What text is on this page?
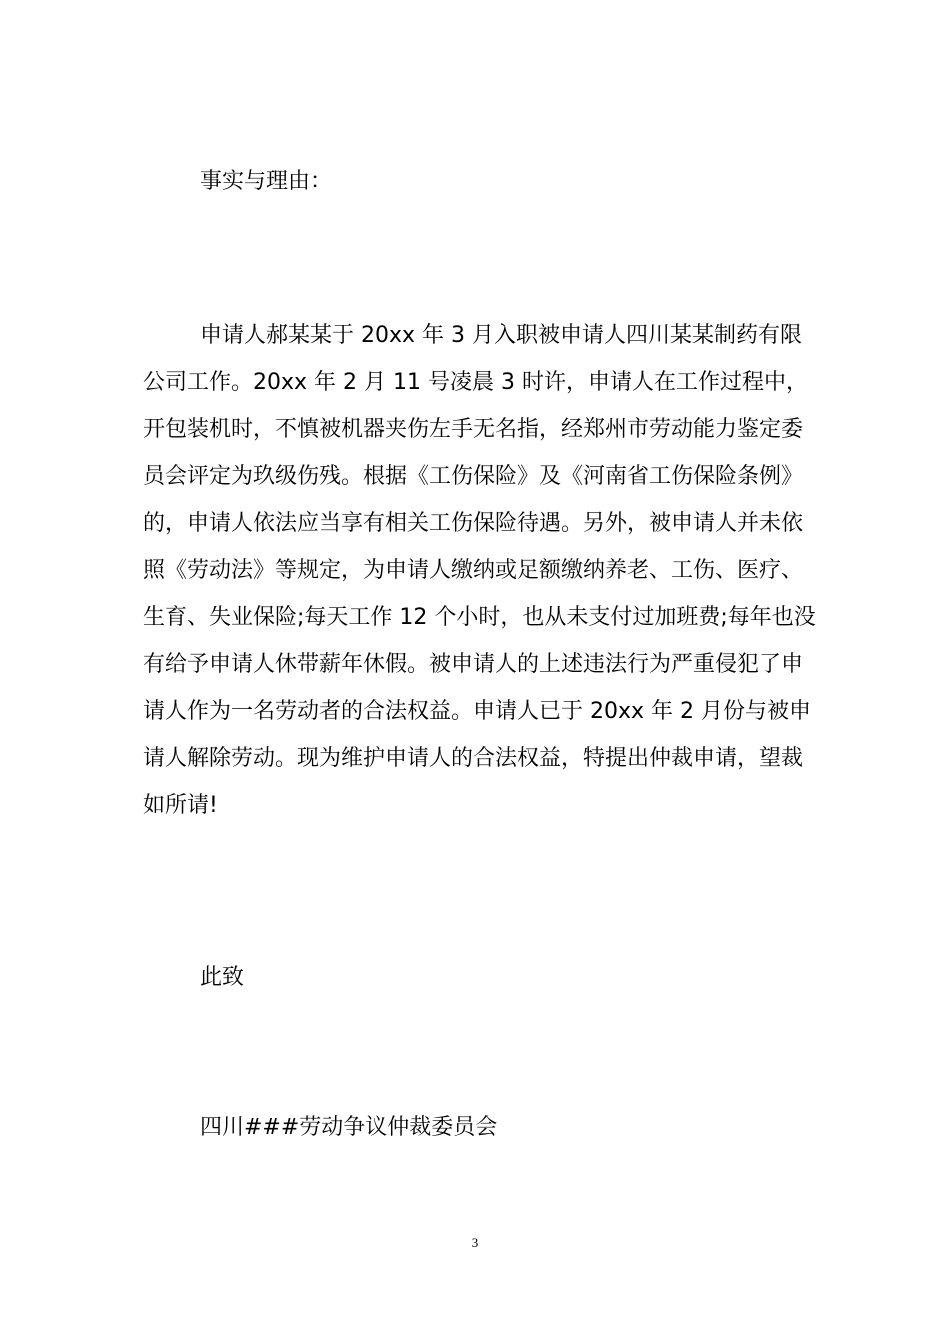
事实与理由：
申请人郝某某于 20xx 年 3 月入职被申请人四川某某制药有限
公司工作。20xx 年 2 月 11 号凌晨 3 时许，申请人在工作过程中，
开包装机时，不慎被机器夹伤左手无名指，经郑州市劳动能力鉴定委
员会评定为玖级伤残。根据《工伤保险》及《河南省工伤保险条例》
的，申请人依法应当享有相关工伤保险待遇。另外，被申请人并未依
照《劳动法》等规定，为申请人缴纳或足额缴纳养老、工伤、医疗、
生育、失业保险;每天工作 12 个小时，也从未支付过加班费;每年也没
有给予申请人休带薪年休假。被申请人的上述违法行为严重侵犯了申
请人作为一名劳动者的合法权益。申请人已于 20xx 年 2 月份与被申
请人解除劳动。现为维护申请人的合法权益，特提出仲裁申请，望裁
如所请!
此致
四川###劳动争议仲裁委员会
3
